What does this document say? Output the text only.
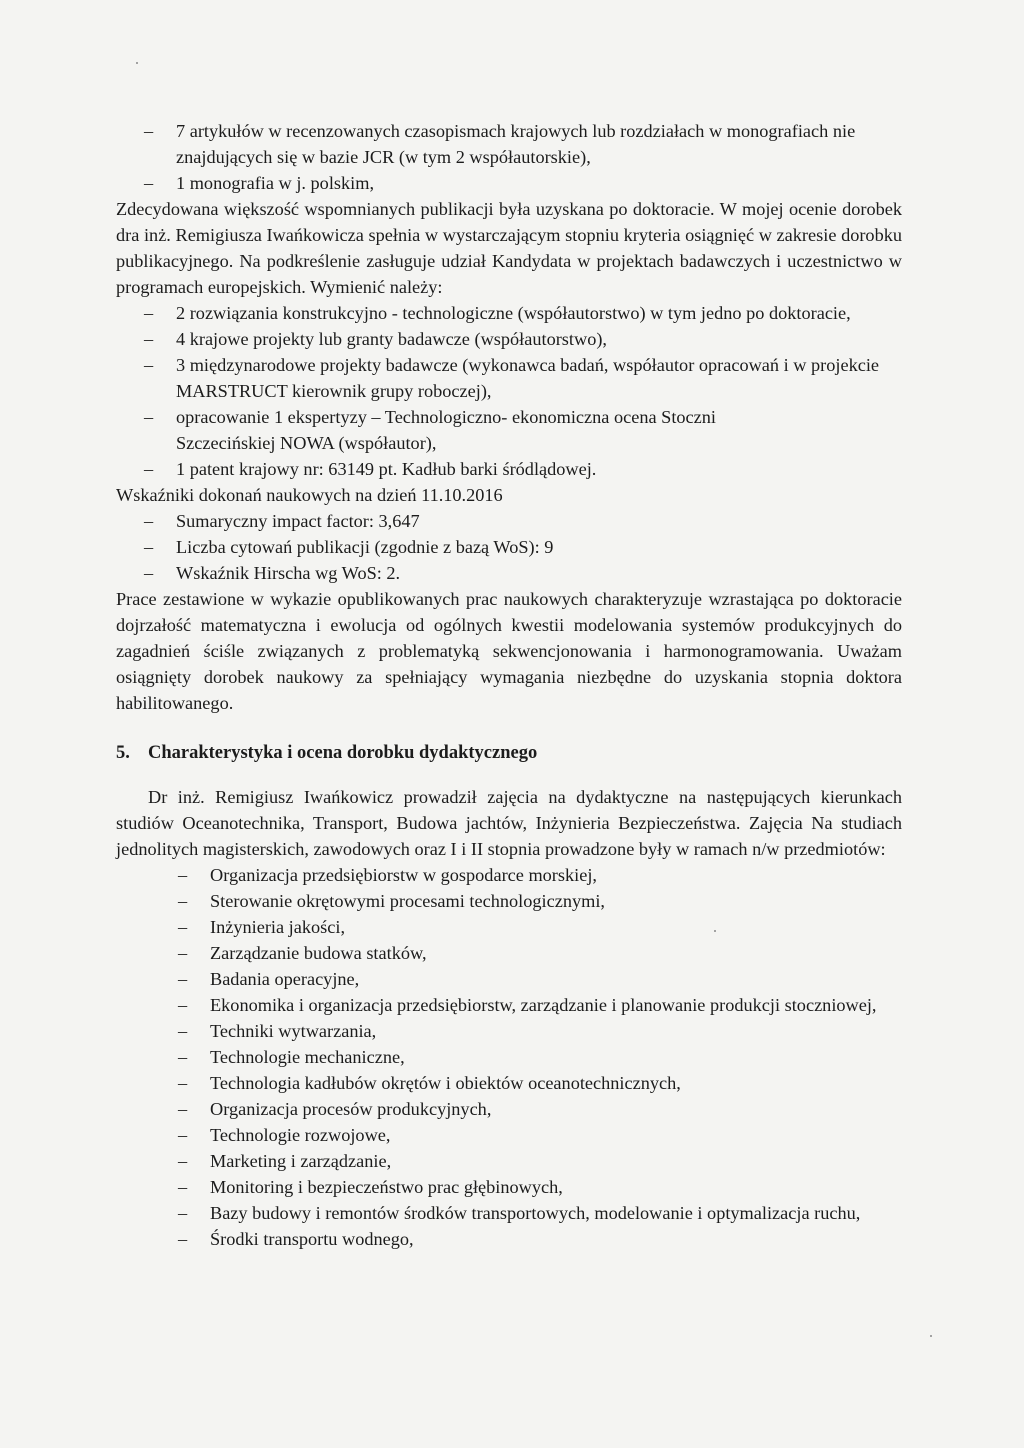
– 7 artykułów w recenzowanych czasopismach krajowych lub rozdziałach w monografiach nie znajdujących się w bazie JCR (w tym 2 współautorskie),
– 1 monografia w j. polskim,

Zdecydowana większość wspomnianych publikacji była uzyskana po doktoracie. W mojej ocenie dorobek dra inż. Remigiusza Iwańkowicza spełnia w wystarczającym stopniu kryteria osiągnięć w zakresie dorobku publikacyjnego. Na podkreślenie zasługuje udział Kandydata w projektach badawczych i uczestnictwo w programach europejskich. Wymienić należy:

– 2 rozwiązania konstrukcyjno - technologiczne (współautorstwo) w tym jedno po doktoracie,
– 4 krajowe projekty lub granty badawcze (współautorstwo),
– 3 międzynarodowe projekty badawcze (wykonawca badań, współautor opracowań i w projekcie MARSTRUCT kierownik grupy roboczej),
– opracowanie 1 ekspertyzy – Technologiczno- ekonomiczna ocena Stoczni Szczecińskiej NOWA (współautor),
– 1 patent krajowy nr: 63149 pt. Kadłub barki śródlądowej.

Wskaźniki dokonań naukowych na dzień 11.10.2016

– Sumaryczny impact factor: 3,647
– Liczba cytowań publikacji (zgodnie z bazą WoS): 9
– Wskaźnik Hirscha wg WoS: 2.

Prace zestawione w wykazie opublikowanych prac naukowych charakteryzuje wzrastająca po doktoracie dojrzałość matematyczna i ewolucja od ogólnych kwestii modelowania systemów produkcyjnych do zagadnień ściśle związanych z problematyką sekwencjonowania i harmonogramowania. Uważam osiągnięty dorobek naukowy za spełniający wymagania niezbędne do uzyskania stopnia doktora habilitowanego.

5. Charakterystyka i ocena dorobku dydaktycznego

Dr inż. Remigiusz Iwańkowicz prowadził zajęcia na dydaktyczne na następujących kierunkach studiów Oceanotechnika, Transport, Budowa jachtów, Inżynieria Bezpieczeństwa. Zajęcia Na studiach jednolitych magisterskich, zawodowych oraz I i II stopnia prowadzone były w ramach n/w przedmiotów:

– Organizacja przedsiębiorstw w gospodarce morskiej,
– Sterowanie okrętowymi procesami technologicznymi,
– Inżynieria jakości,
– Zarządzanie budowa statków,
– Badania operacyjne,
– Ekonomika i organizacja przedsiębiorstw, zarządzanie i planowanie produkcji stoczniowej,
– Techniki wytwarzania,
– Technologie mechaniczne,
– Technologia kadłubów okrętów i obiektów oceanotechnicznych,
– Organizacja procesów produkcyjnych,
– Technologie rozwojowe,
– Marketing i zarządzanie,
– Monitoring i bezpieczeństwo prac głębinowych,
– Bazy budowy i remontów środków transportowych, modelowanie i optymalizacja ruchu,
– Środki transportu wodnego,
